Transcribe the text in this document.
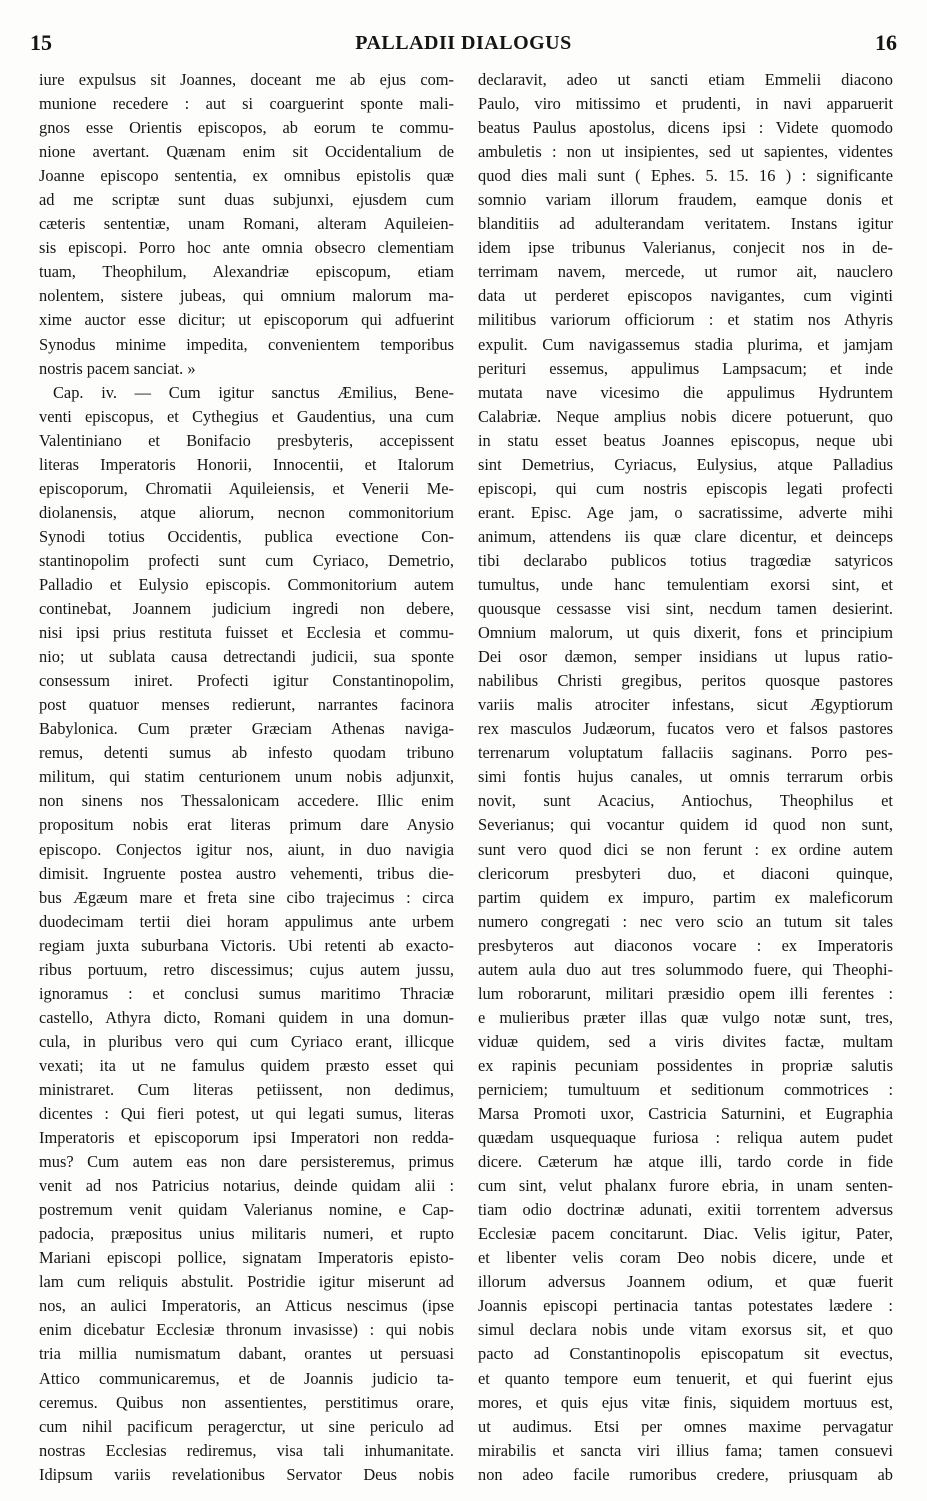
15	PALLADII DIALOGUS	16
iure expulsus sit Joannes, doceant me ab ejus com-
munione recedere : aut si coarguerint sponte mali-
gnos esse Orientis episcopos, ab eorum te commu-
nione avertant. Quænam enim sit Occidentalium de
Joanne episcopo sententia, ex omnibus epistolis quæ
ad me scriptæ sunt duas subjunxi, ejusdem cum
cæteris sententiæ, unam Romani, alteram Aquileien-
sis episcopi. Porro hoc ante omnia obsecro clementiam
tuam, Theophilum, Alexandriæ episcopum, etiam
nolentem, sistere jubeas, qui omnium malorum ma-
xime auctor esse dicitur; ut episcoporum qui adfuerint
Synodus minime impedita, convenientem temporibus
nostris pacem sanciat. »
Cap. iv. — Cum igitur sanctus Æmilius, Bene-
venti episcopus, et Cythegius et Gaudentius, una cum
Valentiniano et Bonifacio presbyteris, accepissent
literas Imperatoris Honorii, Innocentii, et Italorum
episcoporum, Chromatii Aquileiensis, et Venerii Me-
diolanensis, atque aliorum, necnon commonitorium
Synodi totius Occidentis, publica evectione Con-
stantinopolim profecti sunt cum Cyriaco, Demetrio,
Palladio et Eulysio episcopis. Commonitorium autem
continebat, Joannem judicium ingredi non debere,
nisi ipsi prius restituta fuisset et Ecclesia et commu-
nio; ut sublata causa detrectandi judicii, sua sponte
consessum iniret. Profecti igitur Constantinopolim,
post quatuor menses redierunt, narrantes facinora
Babylonica. Cum præter Græciam Athenas naviga-
remus, detenti sumus ab infesto quodam tribuno
militum, qui statim centurionem unum nobis adjunxit,
non sinens nos Thessalonicam accedere. Illic enim
propositum nobis erat literas primum dare Anysio
episcopo. Conjectos igitur nos, aiunt, in duo navigia
dimisit. Ingruente postea austro vehementi, tribus die-
bus Ægæum mare et freta sine cibo trajecimus : circa
duodecimam tertii diei horam appulimus ante urbem
regiam juxta suburbana Victoris. Ubi retenti ab exacto-
ribus portuum, retro discessimus; cujus autem jussu,
ignoramus : et conclusi sumus maritimo Thraciæ
castello, Athyra dicto, Romani quidem in una domun-
cula, in pluribus vero qui cum Cyriaco erant, illicque
vexati; ita ut ne famulus quidem præsto esset qui
ministraret. Cum literas petiissent, non dedimus,
dicentes : Qui fieri potest, ut qui legati sumus, literas
Imperatoris et episcoporum ipsi Imperatori non redda-
mus? Cum autem eas non dare persisteremus, primus
venit ad nos Patricius notarius, deinde quidam alii :
postremum venit quidam Valerianus nomine, e Cap-
padocia, præpositus unius militaris numeri, et rupto
Mariani episcopi pollice, signatam Imperatoris episto-
lam cum reliquis abstulit. Postridie igitur miserunt ad
nos, an aulici Imperatoris, an Atticus nescimus (ipse
enim dicebatur Ecclesiæ thronum invasisse) : qui nobis
tria millia numismatum dabant, orantes ut persuasi
Attico communicaremus, et de Joannis judicio ta-
ceremus. Quibus non assentientes, perstitimus orare,
cum nihil pacificum peragerctur, ut sine periculo ad
nostras Ecclesias rediremus, visa tali inhumanitate.
Idipsum variis revelationibus Servator Deus nobis
declaravit, adeo ut sancti etiam Emmelii diacono
Paulo, viro mitissimo et prudenti, in navi apparuerit
beatus Paulus apostolus, dicens ipsi : Videte quomodo
ambuletis : non ut insipientes, sed ut sapientes, videntes
quod dies mali sunt ( Ephes. 5. 15. 16 ) : significante
somnio variam illorum fraudem, eamque donis et
blanditiis ad adulterandam veritatem. Instans igitur
idem ipse tribunus Valerianus, conjecit nos in de-
terrimam navem, mercede, ut rumor ait, nauclero
data ut perderet episcopos navigantes, cum viginti
militibus variorum officiorum : et statim nos Athyris
expulit. Cum navigassemus stadia plurima, et jamjam
perituri essemus, appulimus Lampsacum; et inde
mutata nave vicesimo die appulimus Hydruntem
Calabriæ. Neque amplius nobis dicere potuerunt, quo
in statu esset beatus Joannes episcopus, neque ubi
sint Demetrius, Cyriacus, Eulysius, atque Palladius
episcopi, qui cum nostris episcopis legati profecti
erant. Episc. Age jam, o sacratissime, adverte mihi
animum, attendens iis quæ clare dicentur, et deinceps
tibi declarabo publicos totius tragœdiæ satyricos
tumultus, unde hanc temulentiam exorsi sint, et
quousque cessasse visi sint, necdum tamen desierint.
Omnium malorum, ut quis dixerit, fons et principium
Dei osor dæmon, semper insidians ut lupus ratio-
nabilibus Christi gregibus, peritos quosque pastores
variis malis atrociter infestans, sicut Ægyptiorum
rex masculos Judæorum, fucatos vero et falsos pastores
terrenarum voluptatum fallaciis saginans. Porro pes-
simi fontis hujus canales, ut omnis terrarum orbis
novit, sunt Acacius, Antiochus, Theophilus et
Severianus; qui vocantur quidem id quod non sunt,
sunt vero quod dici se non ferunt : ex ordine autem
clericorum presbyteri duo, et diaconi quinque,
partim quidem ex impuro, partim ex maleficorum
numero congregati : nec vero scio an tutum sit tales
presbyteros aut diaconos vocare : ex Imperatoris
autem aula duo aut tres solummodo fuere, qui Theophi-
lum roborarunt, militari præsidio opem illi ferentes :
e mulieribus præter illas quæ vulgo notæ sunt, tres,
viduæ quidem, sed a viris divites factæ, multam
ex rapinis pecuniam possidentes in propriæ salutis
perniciem; tumultuum et seditionum commotrices :
Marsa Promoti uxor, Castricia Saturnini, et Eugraphia
quædam usquequaque furiosa : reliqua autem pudet
dicere. Cæterum hæ atque illi, tardo corde in fide
cum sint, velut phalanx furore ebria, in unam senten-
tiam odio doctrinæ adunati, exitii torrentem adversus
Ecclesiæ pacem concitarunt. Diac. Velis igitur, Pater,
et libenter velis coram Deo nobis dicere, unde et
illorum adversus Joannem odium, et quæ fuerit
Joannis episcopi pertinacia tantas potestates lædere :
simul declara nobis unde vitam exorsus sit, et quo
pacto ad Constantinopolis episcopatum sit evectus,
et quanto tempore eum tenuerit, et qui fuerint ejus
mores, et quis ejus vitæ finis, siquidem mortuus est,
ut audimus. Etsi per omnes maxime pervagatur
mirabilis et sancta viri illius fama; tamen consuevi
non adeo facile rumoribus credere, priusquam ab
